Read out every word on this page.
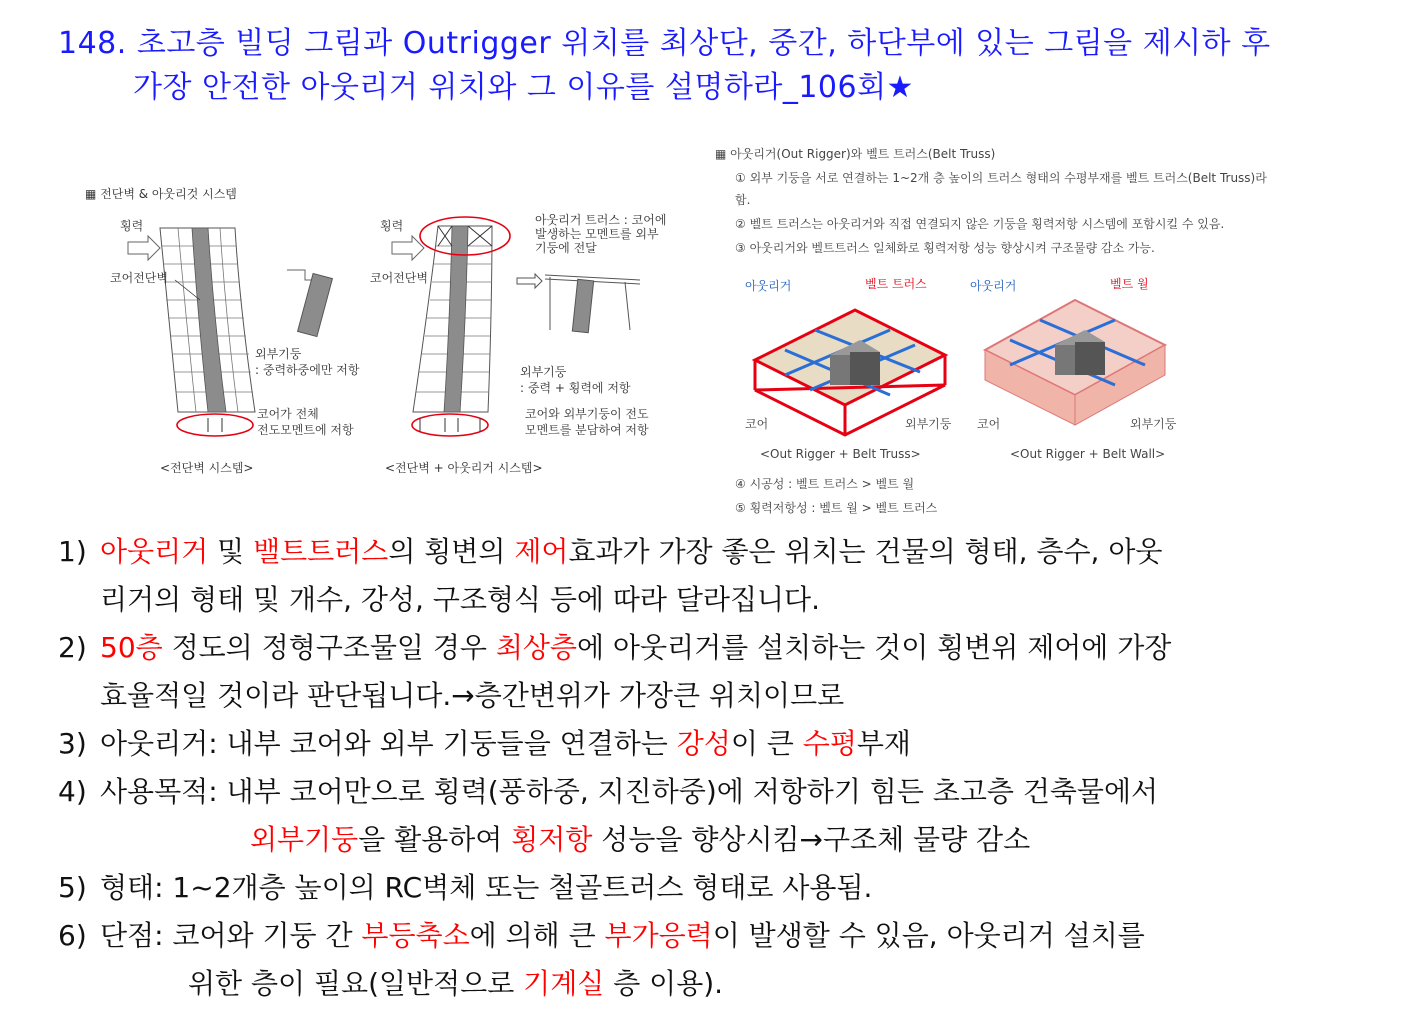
148. 초고층 빌딩 그림과 Outrigger 위치를 최상단, 중간, 하단부에 있는 그림을 제시하 후
가장 안전한 아웃리거 위치와 그 이유를 설명하라_106회★
▦ 전단벽 & 아웃리것 시스템
횡력
코어전단벽
외부기둥
: 중력하중에만 저항
코어가 전체
전도모멘트에 저항
<전단벽 시스템>
횡력
코어전단벽
아웃리거 트러스 : 코어에
발생하는 모멘트를 외부
기둥에 전달
외부기둥
: 중력 + 횡력에 저항
코어와 외부기둥이 전도
모멘트를 분담하여 저항
<전단벽 + 아웃리거 시스템>
▦ 아웃리거(Out Rigger)와 벨트 트러스(Belt Truss)
① 외부 기둥을 서로 연결하는 1~2개 층 높이의 트러스 형태의 수평부재를 벨트 트러스(Belt Truss)라
함.
② 벨트 트러스는 아웃리거와 직접 연결되지 않은 기둥을 횡력저항 시스템에 포함시킬 수 있음.
③ 아웃리거와 벨트트러스 일체화로 횡력저항 성능 향상시켜 구조물량 감소 가능.
아웃리거	벨트 트러스
코어	외부기둥
<Out Rigger + Belt Truss>
아웃리거	벨트 월
코어	외부기둥
<Out Rigger + Belt Wall>
④ 시공성 : 벨트 트러스 > 벨트 월
⑤ 횡력저항성 : 벨트 월 > 벨트 트러스
1) 아웃리거 및 밸트트러스의 횡변의 제어효과가 가장 좋은 위치는 건물의 형태, 층수, 아웃
리거의 형태 및 개수, 강성, 구조형식 등에 따라 달라집니다.
2) 50층 정도의 정형구조물일 경우 최상층에 아웃리거를 설치하는 것이 횡변위 제어에 가장
효율적일 것이라 판단됩니다.→층간변위가 가장큰 위치이므로
3) 아웃리거: 내부 코어와 외부 기둥들을 연결하는 강성이 큰 수평부재
4) 사용목적: 내부 코어만으로 횡력(풍하중, 지진하중)에 저항하기 힘든 초고층 건축물에서
외부기둥을 활용하여 횡저항 성능을 향상시킴→구조체 물량 감소
5) 형태: 1~2개층 높이의 RC벽체 또는 철골트러스 형태로 사용됨.
6) 단점: 코어와 기둥 간 부등축소에 의해 큰 부가응력이 발생할 수 있음, 아웃리거 설치를
위한 층이 필요(일반적으로 기계실 층 이용).
